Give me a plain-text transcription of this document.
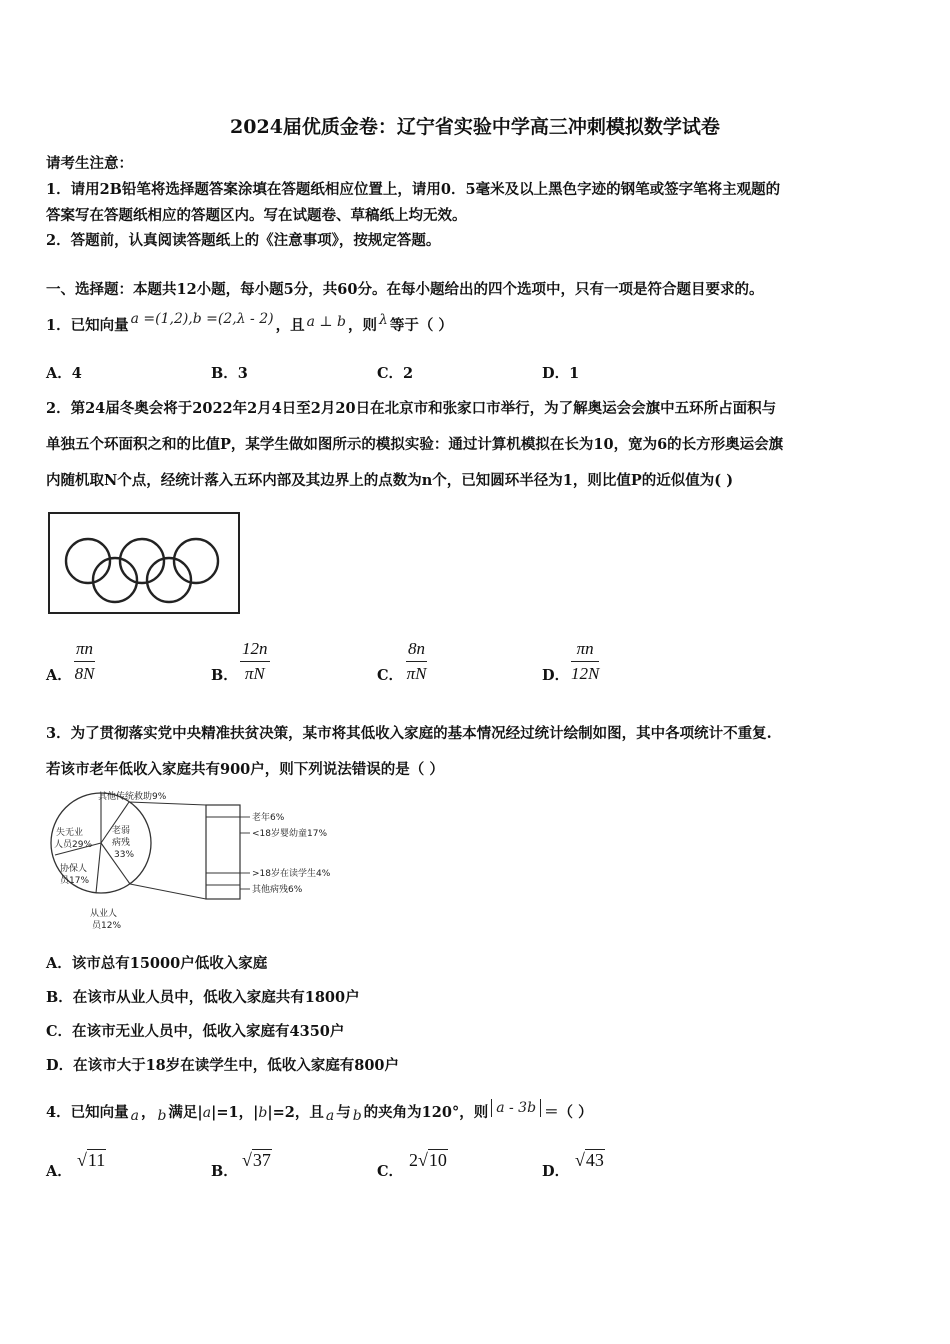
2024届优质金卷：辽宁省实验中学高三冲刺模拟数学试卷
请考生注意：
1．请用2B铅笔将选择题答案涂填在答题纸相应位置上，请用0．5毫米及以上黑色字迹的钢笔或签字笔将主观题的
答案写在答题纸相应的答题区内。写在试题卷、草稿纸上均无效。
2．答题前，认真阅读答题纸上的《注意事项》，按规定答题。
一、选择题：本题共12小题，每小题5分，共60分。在每小题给出的四个选项中，只有一项是符合题目要求的。
1．已知向量 a =(1,2),b =(2,λ - 2) ，且 a ⊥ b ，则 λ 等于（ ）
A．4	B．3	C．2	D．1
2．第24届冬奥会将于2022年2月4日至2月20日在北京市和张家口市举行，为了解奥运会会旗中五环所占面积与
单独五个环面积之和的比值P，某学生做如图所示的模拟实验：通过计算机模拟在长为10，宽为6的长方形奥运会旗
内随机取N个点，经统计落入五环内部及其边界上的点数为n个，已知圆环半径为1，则比值P的近似值为( )
A． $\frac{\pi n}{8N}$	B． $\frac{12n}{\pi N}$	C． $\frac{8n}{\pi N}$	D． $\frac{\pi n}{12N}$
3．为了贯彻落实党中央精准扶贫决策，某市将其低收入家庭的基本情况经过统计绘制如图，其中各项统计不重复.
若该市老年低收入家庭共有900户，则下列说法错误的是（ ）
其他传统救助9%
失无业
人员29%
老弱
病残
33%
协保人
员17%
从业人
员12%
老年6%
<18岁婴幼童17%
>18岁在读学生4%
其他病残6%
A．该市总有15000户低收入家庭
B．在该市从业人员中，低收入家庭共有1800户
C．在该市无业人员中，低收入家庭有4350户
D．在该市大于18岁在读学生中，低收入家庭有800户
4．已知向量 a ， b 满足|a|=1，|b|=2，且 a 与 b 的夹角为120°，则 a - 3b ＝（ ）
A．
√11
B．
√37
C．
2√10
D．
√43
